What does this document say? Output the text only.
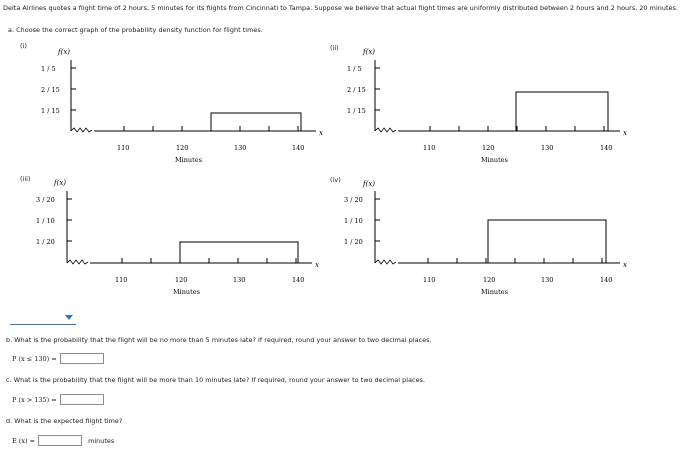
Delta Airlines quotes a flight time of 2 hours, 5 minutes for its flights from Cincinnati to Tampa. Suppose we believe that actual flight times are uniformly distributed between 2 hours and 2 hours, 20 minutes.
a. Choose the correct graph of the probability density function for flight times.
(i)
f(x)
1 / 5
2 / 15
1 / 15
x
110	120	130	140
Minutes
(ii)	f(x)
1 / 5
2 / 15
1 / 15
x
110	120	130	140
Minutes
(iii)	f(x)
3 / 20
1 / 10
1 / 20
x
110	120	130	140
Minutes
(iv)	f(x)
3 / 20
1 / 10
1 / 20
x
110	120	130	140
Minutes
b. What is the probability that the flight will be no more than 5 minutes late? If required, round your answer to two decimal places.
P (x ≤ 130) =
c. What is the probability that the flight will be more than 10 minutes late? If required, round your answer to two decimal places.
P (x > 135) =
d. What is the expected flight time?
E (x) =	minutes
